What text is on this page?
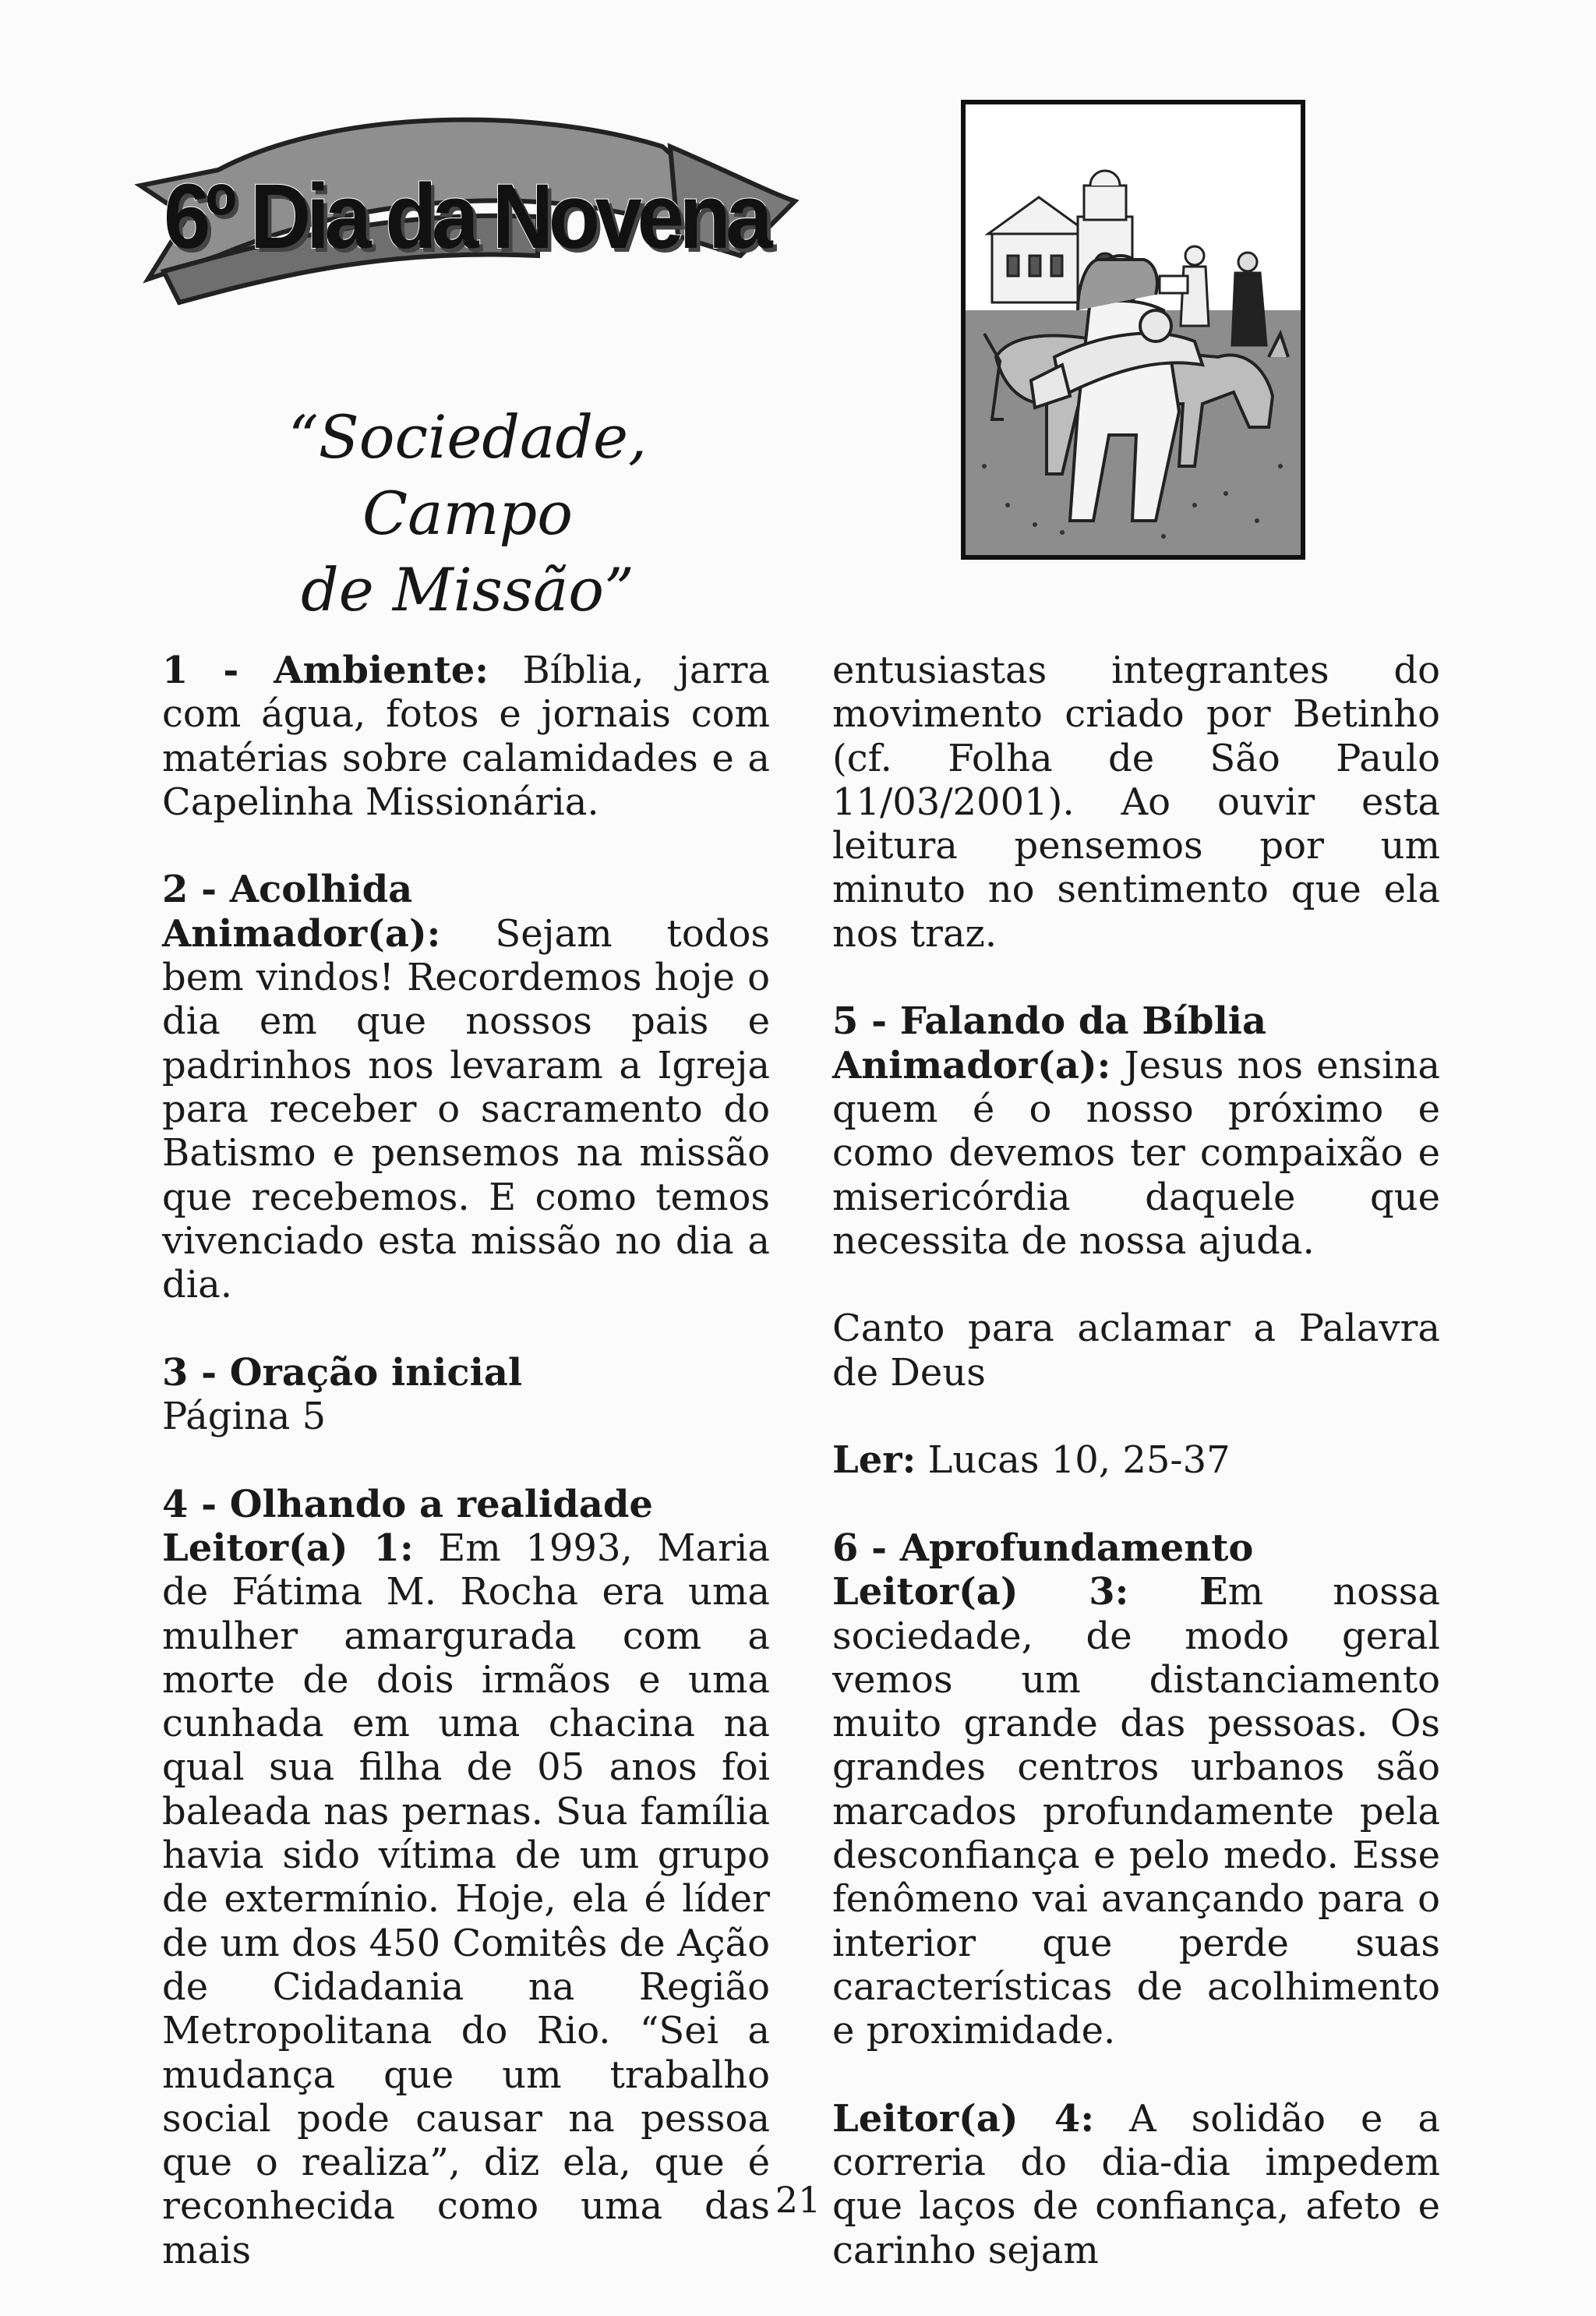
6º Dia da Novena
“Sociedade, Campo
de Missão”

1 - Ambiente: Bíblia, jarra com água, fotos e jornais com matérias sobre calamidades e a Capelinha Missionária.

2 - Acolhida
Animador(a): Sejam todos bem vindos! Recordemos hoje o dia em que nossos pais e padrinhos nos levaram a Igreja para receber o sacramento do Batismo e pensemos na missão que recebemos. E como temos vivenciado esta missão no dia a dia.

3 - Oração inicial
Página 5

4 - Olhando a realidade
Leitor(a) 1: Em 1993, Maria de Fátima M. Rocha era uma mulher amargurada com a morte de dois irmãos e uma cunhada em uma chacina na qual sua filha de 05 anos foi baleada nas pernas. Sua família havia sido vítima de um grupo de extermínio. Hoje, ela é líder de um dos 450 Comitês de Ação de Cidadania na Região Metropolitana do Rio. “Sei a mudança que um trabalho social pode causar na pessoa que o realiza”, diz ela, que é reconhecida como uma das mais

entusiastas integrantes do movimento criado por Betinho (cf. Folha de São Paulo 11/03/2001). Ao ouvir esta leitura pensemos por um minuto no sentimento que ela nos traz.

5 - Falando da Bíblia
Animador(a): Jesus nos ensina quem é o nosso próximo e como devemos ter compaixão e misericórdia daquele que necessita de nossa ajuda.

Canto para aclamar a Palavra de Deus

Ler: Lucas 10, 25-37

6 - Aprofundamento
Leitor(a) 3: Em nossa sociedade, de modo geral vemos um distanciamento muito grande das pessoas. Os grandes centros urbanos são marcados profundamente pela desconfiança e pelo medo. Esse fenômeno vai avançando para o interior que perde suas características de acolhimento e proximidade.

Leitor(a) 4: A solidão e a correria do dia-dia impedem que laços de confiança, afeto e carinho sejam

21
